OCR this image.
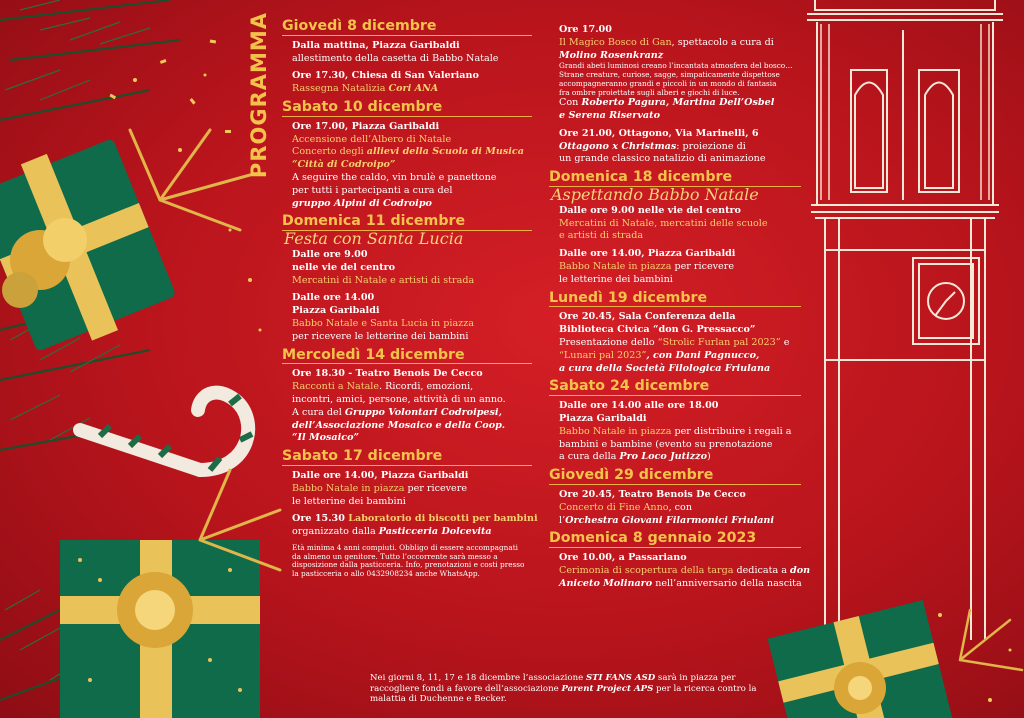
PROGRAMMA Giovedì 8 dicembre
Dalla mattina, Piazza Garibaldi
allestimento della casetta di Babbo Natale
Ore 17.30, Chiesa di San Valeriano
Rassegna Natalizia Cori ANA
Sabato 10 dicembre
Ore 17.00, Piazza Garibaldi
Accensione dell’Albero di Natale
Concerto degli allievi della Scuola di Musica
“Città di Codroipo”
A seguire the caldo, vin brulè e panettone
per tutti i partecipanti a cura del
gruppo Alpini di Codroipo
Domenica 11 dicembre
Festa con Santa Lucia
Dalle ore 9.00
nelle vie del centro
Mercatini di Natale e artisti di strada
Dalle ore 14.00
Piazza Garibaldi
Babbo Natale e Santa Lucia in piazza
per ricevere le letterine dei bambini
Mercoledì 14 dicembre
Ore 18.30 - Teatro Benois De Cecco
Racconti a Natale. Ricordi, emozioni,
incontri, amici, persone, attività di un anno.
A cura del Gruppo Volontari Codroipesi,
dell’Associazione Mosaico e della Coop.
“Il Mosaico”
Sabato 17 dicembre
Dalle ore 14.00, Piazza Garibaldi
Babbo Natale in piazza per ricevere
le letterine dei bambini
Ore 15.30 Laboratorio di biscotti per bambini
organizzato dalla Pasticceria Dolcevita
Età minima 4 anni compiuti. Obbligo di essere accompagnati
da almeno un genitore. Tutto l’occorrente sarà messo a
disposizione dalla pasticceria. Info, prenotazioni e costi presso
la pasticceria o allo 0432908234 anche WhatsApp.
Ore 17.00
Il Magico Bosco di Gan, spettacolo a cura di
Molino Rosenkranz
Grandi abeti luminosi creano l’incantata atmosfera del bosco…
Strane creature, curiose, sagge, simpaticamente dispettose
accompagneranno grandi e piccoli in un mondo di fantasia
fra ombre proiettate sugli alberi e giochi di luce.
Con Roberto Pagura, Martina Dell’Osbel
e Serena Riservato
Ore 21.00, Ottagono, Via Marinelli, 6
Ottagono x Christmas: proiezione di
un grande classico natalizio di animazione
Domenica 18 dicembre
Aspettando Babbo Natale
Dalle ore 9.00 nelle vie del centro
Mercatini di Natale, mercatini delle scuole
e artisti di strada
Dalle ore 14.00, Piazza Garibaldi
Babbo Natale in piazza per ricevere
le letterine dei bambini
Lunedì 19 dicembre
Ore 20.45, Sala Conferenza della
Biblioteca Civica “don G. Pressacco”
Presentazione dello “Strolic Furlan pal 2023” e
“Lunari pal 2023”, con Dani Pagnucco,
a cura della Società Filologica Friulana
Sabato 24 dicembre
Dalle ore 14.00 alle ore 18.00
Piazza Garibaldi
Babbo Natale in piazza per distribuire i regali a
bambini e bambine (evento su prenotazione
a cura della Pro Loco Jutizzo)
Giovedì 29 dicembre
Ore 20.45, Teatro Benois De Cecco
Concerto di Fine Anno, con
l’Orchestra Giovani Filarmonici Friulani
Domenica 8 gennaio 2023
Ore 10.00, a Passariano
Cerimonia di scopertura della targa dedicata a don
Aniceto Molinaro nell’anniversario della nascita
Nei giorni 8, 11, 17 e 18 dicembre l’associazione STI FANS ASD sarà in piazza per
raccogliere fondi a favore dell’associazione Parent Project APS per la ricerca contro la
malattia di Duchenne e Becker.
